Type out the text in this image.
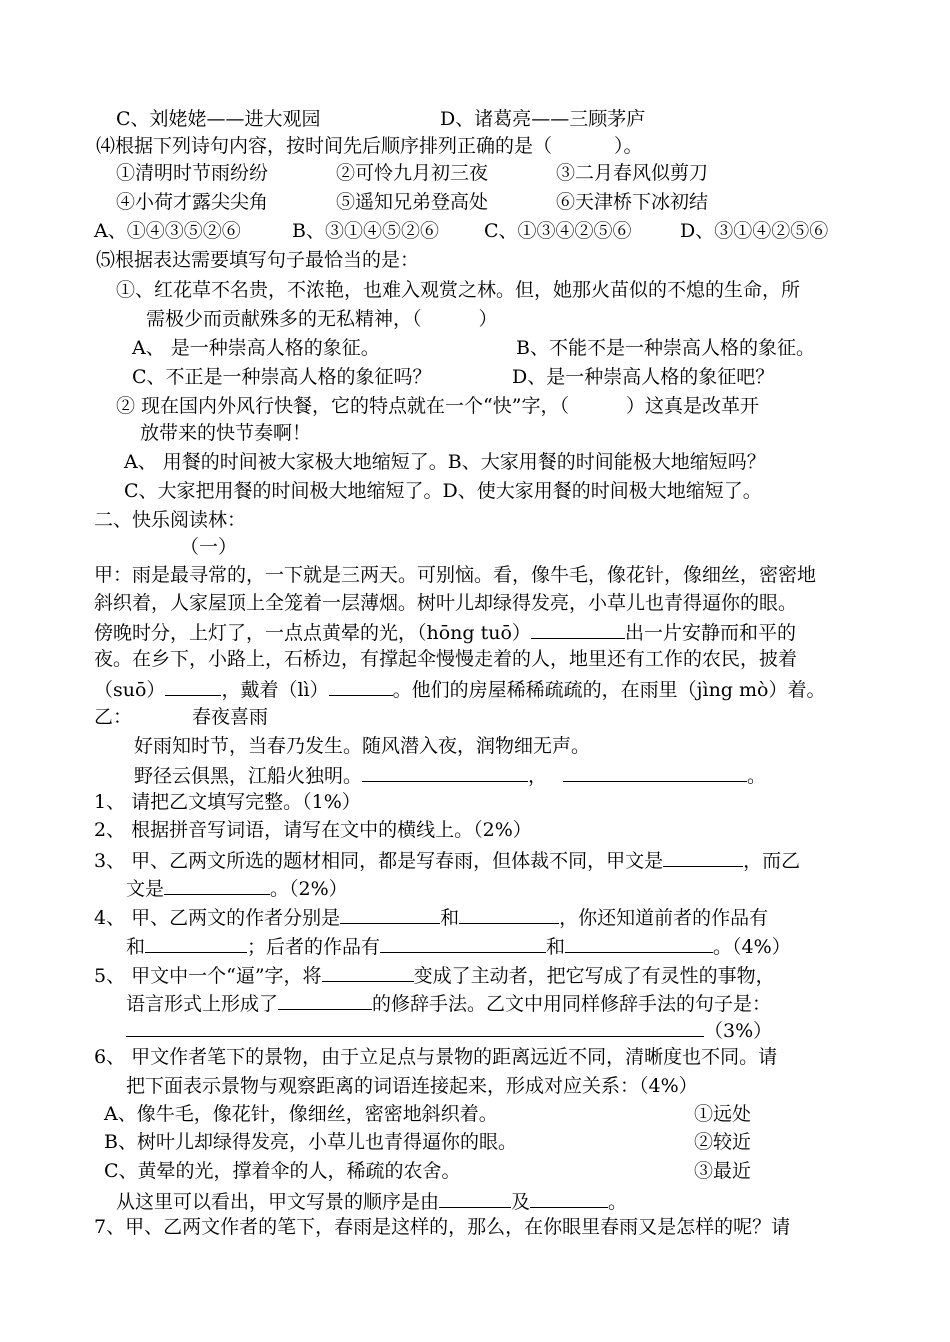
C、刘姥姥——进大观园	D、诸葛亮——三顾茅庐
⑷根据下列诗句内容，按时间先后顺序排列正确的是（	）。
①清明时节雨纷纷	②可怜九月初三夜	③二月春风似剪刀
④小荷才露尖尖角	⑤遥知兄弟登高处	⑥天津桥下冰初结
A、①④③⑤②⑥	B、③①④⑤②⑥ C、①③④②⑤⑥	D、③①④②⑤⑥
⑸根据表达需要填写句子最恰当的是：
①、红花草不名贵，不浓艳，也难入观赏之林。但，她那火苗似的不熄的生命，所
需极少而贡献殊多的无私精神，（　　　）
A、 是一种崇高人格的象征。	B、不能不是一种崇高人格的象征。
C、不正是一种崇高人格的象征吗？	D、是一种崇高人格的象征吧？
② 现在国内外风行快餐，它的特点就在一个“快”字，（　　　）这真是改革开
放带来的快节奏啊！
A、 用餐的时间被大家极大地缩短了。B、大家用餐的时间能极大地缩短吗？
C、大家把用餐的时间极大地缩短了。D、使大家用餐的时间极大地缩短了。
二、快乐阅读林：
（一）
甲：雨是最寻常的，一下就是三两天。可别恼。看，像牛毛，像花针，像细丝，密密地
斜织着，人家屋顶上全笼着一层薄烟。树叶儿却绿得发亮，小草儿也青得逼你的眼。
傍晚时分，上灯了，一点点黄晕的光，（hōng tuō）	出一片安静而和平的
夜。在乡下，小路上，石桥边，有撑起伞慢慢走着的人，地里还有工作的农民，披着
（suō）	，戴着（lì）	。他们的房屋稀稀疏疏的，在雨里（jìng mò）着。
乙：	春夜喜雨
好雨知时节，当春乃发生。随风潜入夜，润物细无声。
野径云俱黑，江船火独明。	，	。
1、 请把乙文填写完整。（1%）
2、 根据拼音写词语，请写在文中的横线上。（2%）
3、 甲、乙两文所选的题材相同，都是写春雨，但体裁不同，甲文是	，而乙
文是	。（2%）
4、 甲、乙两文的作者分别是	和	，你还知道前者的作品有
和	；后者的作品有	和	。（4%）
5、 甲文中一个“逼”字，将	变成了主动者，把它写成了有灵性的事物，
语言形式上形成了	的修辞手法。乙文中用同样修辞手法的句子是：
（3%）
6、 甲文作者笔下的景物，由于立足点与景物的距离远近不同，清晰度也不同。请
把下面表示景物与观察距离的词语连接起来，形成对应关系：（4%）
A、像牛毛，像花针，像细丝，密密地斜织着。	①远处
B、树叶儿却绿得发亮，小草儿也青得逼你的眼。	②较近
C、黄晕的光，撑着伞的人，稀疏的农舍。	③最近
从这里可以看出，甲文写景的顺序是由	及	。
7、甲、乙两文作者的笔下，春雨是这样的，那么，在你眼里春雨又是怎样的呢？请
